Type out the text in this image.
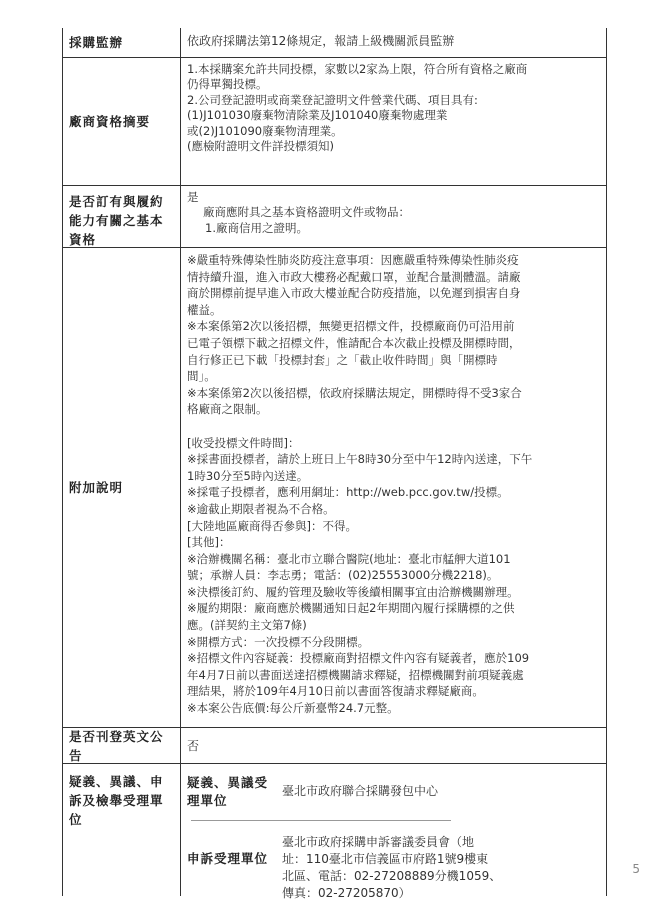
採購監辦	依政府採購法第12條規定，報請上級機關派員監辦
廠商資格摘要
1.本採購案允許共同投標，家數以2家為上限，符合所有資格之廠商
仍得單獨投標。
2.公司登記證明或商業登記證明文件營業代碼、項目具有:
(1)J101030廢棄物清除業及J101040廢棄物處理業
或(2)J101090廢棄物清理業。
(應檢附證明文件詳投標須知)
是否訂有與履約能力有關之基本資格
是
廠商應附具之基本資格證明文件或物品：
1.廠商信用之證明。
附加說明
※嚴重特殊傳染性肺炎防疫注意事項：因應嚴重特殊傳染性肺炎疫
情持續升溫，進入市政大樓務必配戴口罩，並配合量測體溫。請廠
商於開標前提早進入市政大樓並配合防疫措施，以免遲到損害自身
權益。
※本案係第2次以後招標，無變更招標文件，投標廠商仍可沿用前
已電子領標下載之招標文件，惟請配合本次截止投標及開標時間，
自行修正已下載「投標封套」之「截止收件時間」與「開標時
間」。
※本案係第2次以後招標，依政府採購法規定，開標時得不受3家合
格廠商之限制。
[收受投標文件時間]：
※採書面投標者，請於上班日上午8時30分至中午12時內送達，下午
1時30分至5時內送達。
※採電子投標者，應利用網址：http://web.pcc.gov.tw/投標。
※逾截止期限者視為不合格。
[大陸地區廠商得否參與]：不得。
[其他]：
※洽辦機關名稱：臺北市立聯合醫院(地址：臺北市艋舺大道101
號；承辦人員：李志勇；電話：(02)25553000分機2218)。
※決標後訂約、履約管理及驗收等後續相關事宜由洽辦機關辦理。
※履約期限：廠商應於機關通知日起2年期間內履行採購標的之供
應。(詳契約主文第7條)
※開標方式：一次投標不分段開標。
※招標文件內容疑義：投標廠商對招標文件內容有疑義者，應於109
年4月7日前以書面送達招標機關請求釋疑，招標機關對前項疑義處
理結果，將於109年4月10日前以書面答復請求釋疑廠商。
※本案公告底價:每公斤新臺幣24.7元整。
是否刊登英文公告
否
疑義、異議、申訴及檢舉受理單位
疑義、異議受理單位
臺北市政府聯合採購發包中心
申訴受理單位
臺北市政府採購申訴審議委員會（地
址：110臺北市信義區市府路1號9樓東
北區、電話：02-27208889分機1059、
傳真：02-27205870）
5
